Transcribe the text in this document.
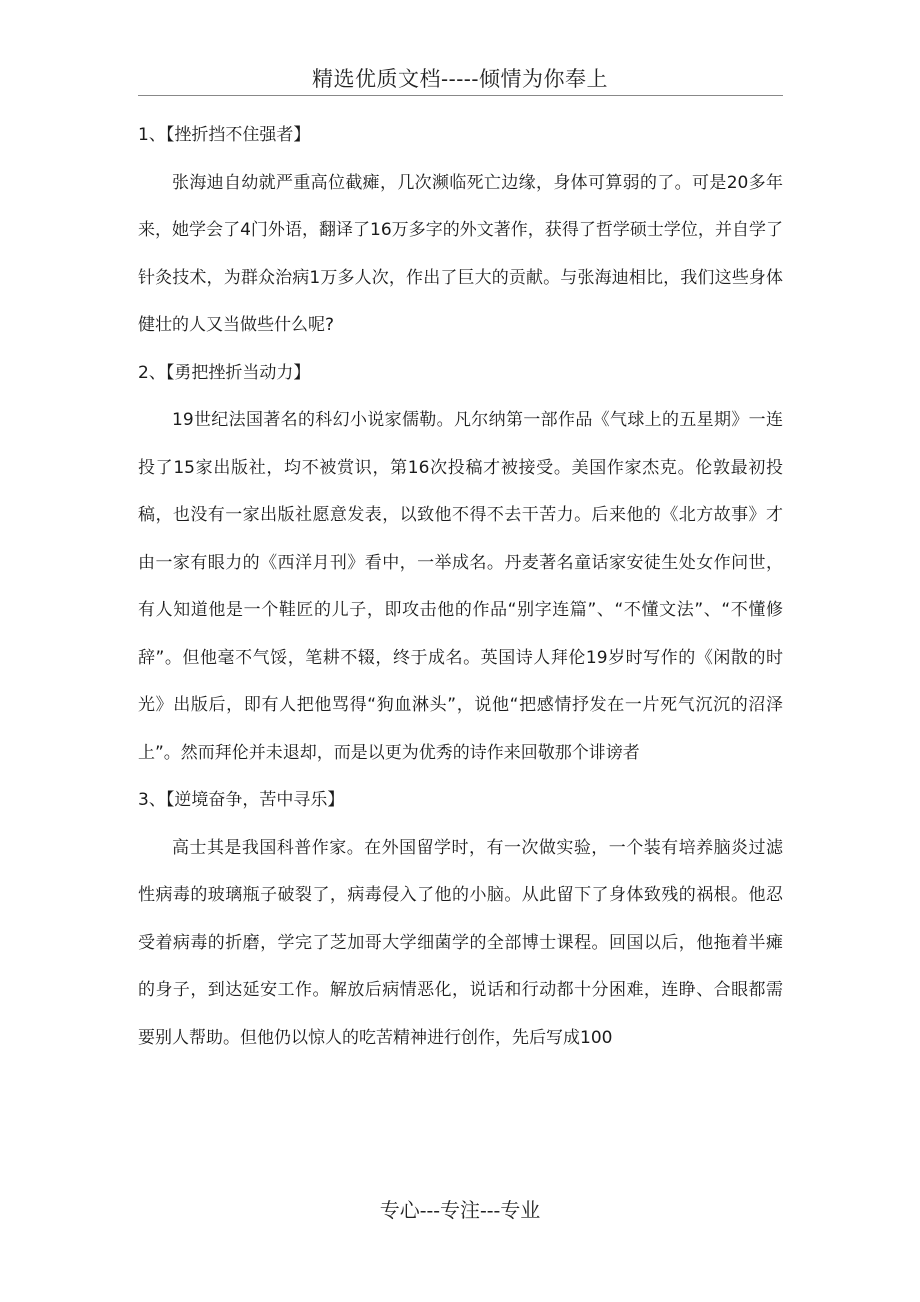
精选优质文档-----倾情为你奉上

1、【挫折挡不住强者】

张海迪自幼就严重高位截瘫，几次濒临死亡边缘，身体可算弱的了。可是20多年来，她学会了4门外语，翻译了16万多字的外文著作，获得了哲学硕士学位，并自学了针灸技术，为群众治病1万多人次，作出了巨大的贡献。与张海迪相比，我们这些身体健壮的人又当做些什么呢?

2、【勇把挫折当动力】

19世纪法国著名的科幻小说家儒勒。凡尔纳第一部作品《气球上的五星期》一连投了15家出版社，均不被赏识，第16次投稿才被接受。美国作家杰克。伦敦最初投稿，也没有一家出版社愿意发表，以致他不得不去干苦力。后来他的《北方故事》才由一家有眼力的《西洋月刊》看中，一举成名。丹麦著名童话家安徒生处女作问世，有人知道他是一个鞋匠的儿子，即攻击他的作品“别字连篇”、“不懂文法”、“不懂修辞”。但他毫不气馁，笔耕不辍，终于成名。英国诗人拜伦19岁时写作的《闲散的时光》出版后，即有人把他骂得“狗血淋头”，说他“把感情抒发在一片死气沉沉的沼泽上”。然而拜伦并未退却，而是以更为优秀的诗作来回敬那个诽谤者

3、【逆境奋争，苦中寻乐】

高士其是我国科普作家。在外国留学时，有一次做实验，一个装有培养脑炎过滤性病毒的玻璃瓶子破裂了，病毒侵入了他的小脑。从此留下了身体致残的祸根。他忍受着病毒的折磨，学完了芝加哥大学细菌学的全部博士课程。回国以后，他拖着半瘫的身子，到达延安工作。解放后病情恶化，说话和行动都十分困难，连睁、合眼都需要别人帮助。但他仍以惊人的吃苦精神进行创作，先后写成100

专心---专注---专业
